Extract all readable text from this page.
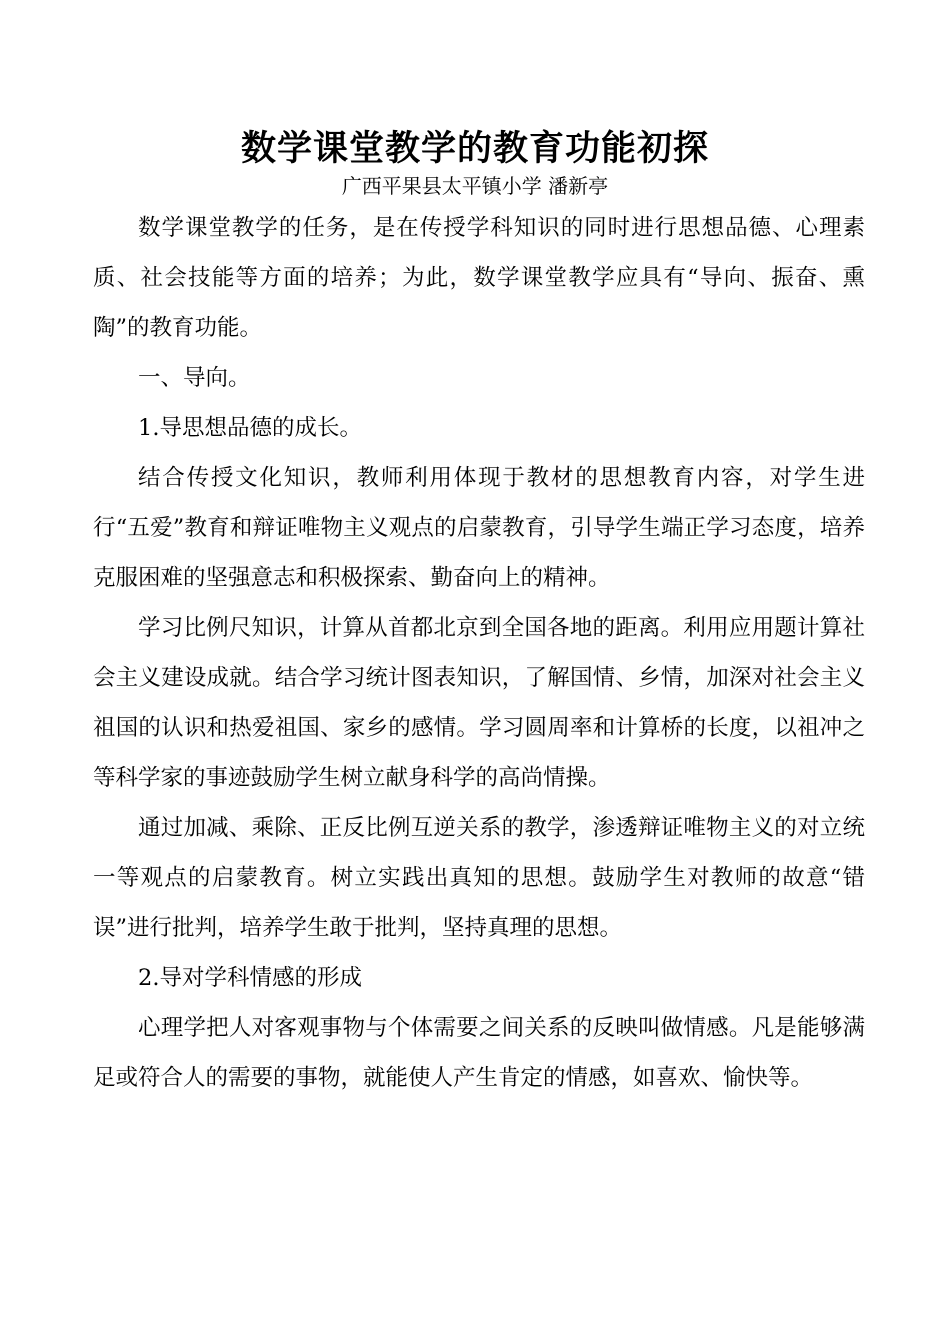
数学课堂教学的教育功能初探
广西平果县太平镇小学 潘新亭

数学课堂教学的任务，是在传授学科知识的同时进行思想品德、心理素质、社会技能等方面的培养；为此，数学课堂教学应具有“导向、振奋、熏陶”的教育功能。

一、导向。

1.导思想品德的成长。

结合传授文化知识，教师利用体现于教材的思想教育内容，对学生进行“五爱”教育和辩证唯物主义观点的启蒙教育，引导学生端正学习态度，培养克服困难的坚强意志和积极探索、勤奋向上的精神。

学习比例尺知识，计算从首都北京到全国各地的距离。利用应用题计算社会主义建设成就。结合学习统计图表知识，了解国情、乡情，加深对社会主义祖国的认识和热爱祖国、家乡的感情。学习圆周率和计算桥的长度，以祖冲之等科学家的事迹鼓励学生树立献身科学的高尚情操。

通过加减、乘除、正反比例互逆关系的教学，渗透辩证唯物主义的对立统一等观点的启蒙教育。树立实践出真知的思想。鼓励学生对教师的故意“错误”进行批判，培养学生敢于批判，坚持真理的思想。

2.导对学科情感的形成

心理学把人对客观事物与个体需要之间关系的反映叫做情感。凡是能够满足或符合人的需要的事物，就能使人产生肯定的情感，如喜欢、愉快等。
